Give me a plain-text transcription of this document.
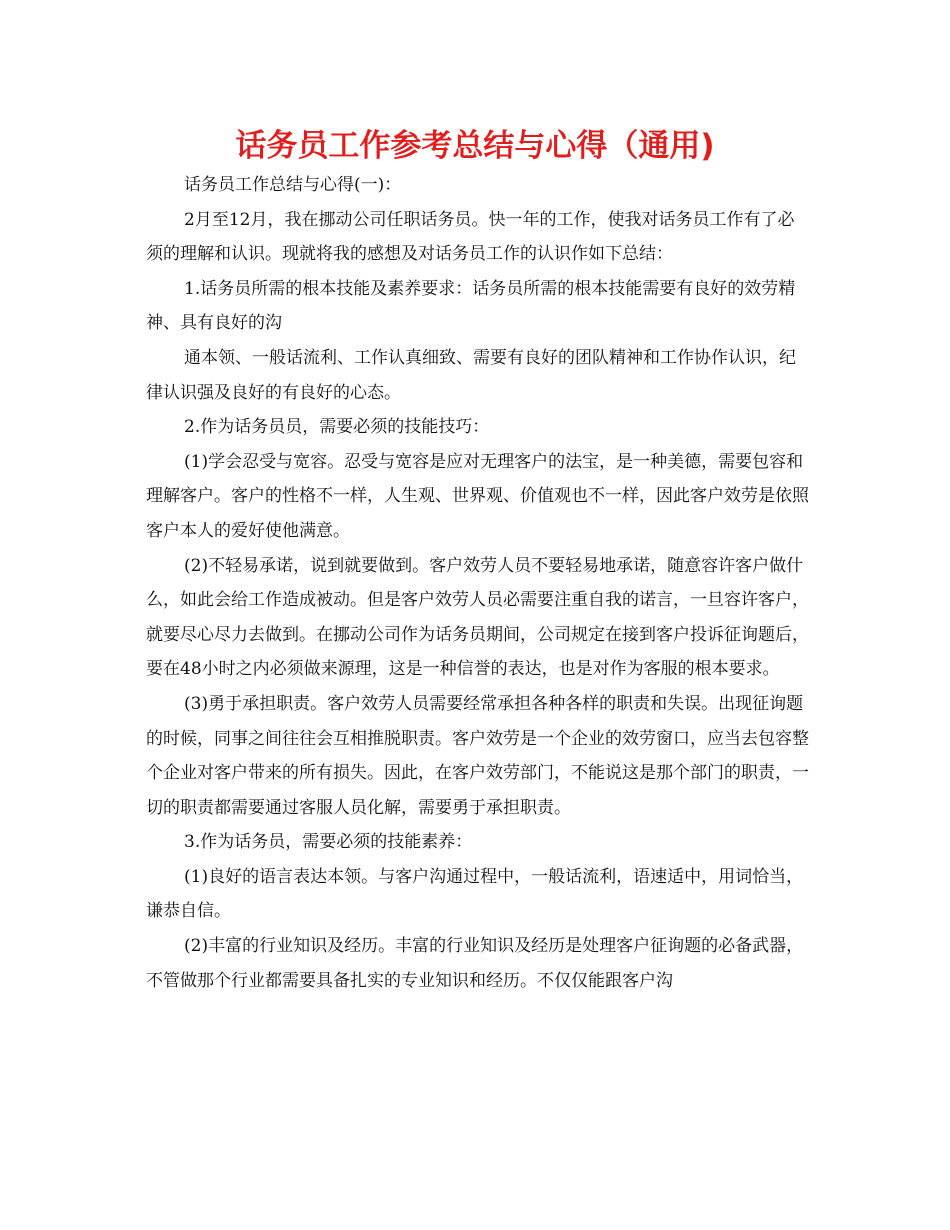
话务员工作参考总结与心得（通用)

话务员工作总结与心得(一)：

2月至12月，我在挪动公司任职话务员。快一年的工作，使我对话务员工作有了必须的理解和认识。现就将我的感想及对话务员工作的认识作如下总结：

1.话务员所需的根本技能及素养要求：话务员所需的根本技能需要有良好的效劳精神、具有良好的沟

通本领、一般话流利、工作认真细致、需要有良好的团队精神和工作协作认识，纪律认识强及良好的有良好的心态。

2.作为话务员员，需要必须的技能技巧：

(1)学会忍受与宽容。忍受与宽容是应对无理客户的法宝，是一种美德，需要包容和理解客户。客户的性格不一样，人生观、世界观、价值观也不一样，因此客户效劳是依照客户本人的爱好使他满意。

(2)不轻易承诺，说到就要做到。客户效劳人员不要轻易地承诺，随意容许客户做什么，如此会给工作造成被动。但是客户效劳人员必需要注重自我的诺言，一旦容许客户，就要尽心尽力去做到。在挪动公司作为话务员期间，公司规定在接到客户投诉征询题后，要在48小时之内必须做来源理，这是一种信誉的表达，也是对作为客服的根本要求。

(3)勇于承担职责。客户效劳人员需要经常承担各种各样的职责和失误。出现征询题的时候，同事之间往往会互相推脱职责。客户效劳是一个企业的效劳窗口，应当去包容整个企业对客户带来的所有损失。因此，在客户效劳部门，不能说这是那个部门的职责，一切的职责都需要通过客服人员化解，需要勇于承担职责。

3.作为话务员，需要必须的技能素养：

(1)良好的语言表达本领。与客户沟通过程中，一般话流利，语速适中，用词恰当，谦恭自信。

(2)丰富的行业知识及经历。丰富的行业知识及经历是处理客户征询题的必备武器，不管做那个行业都需要具备扎实的专业知识和经历。不仅仅能跟客户沟
